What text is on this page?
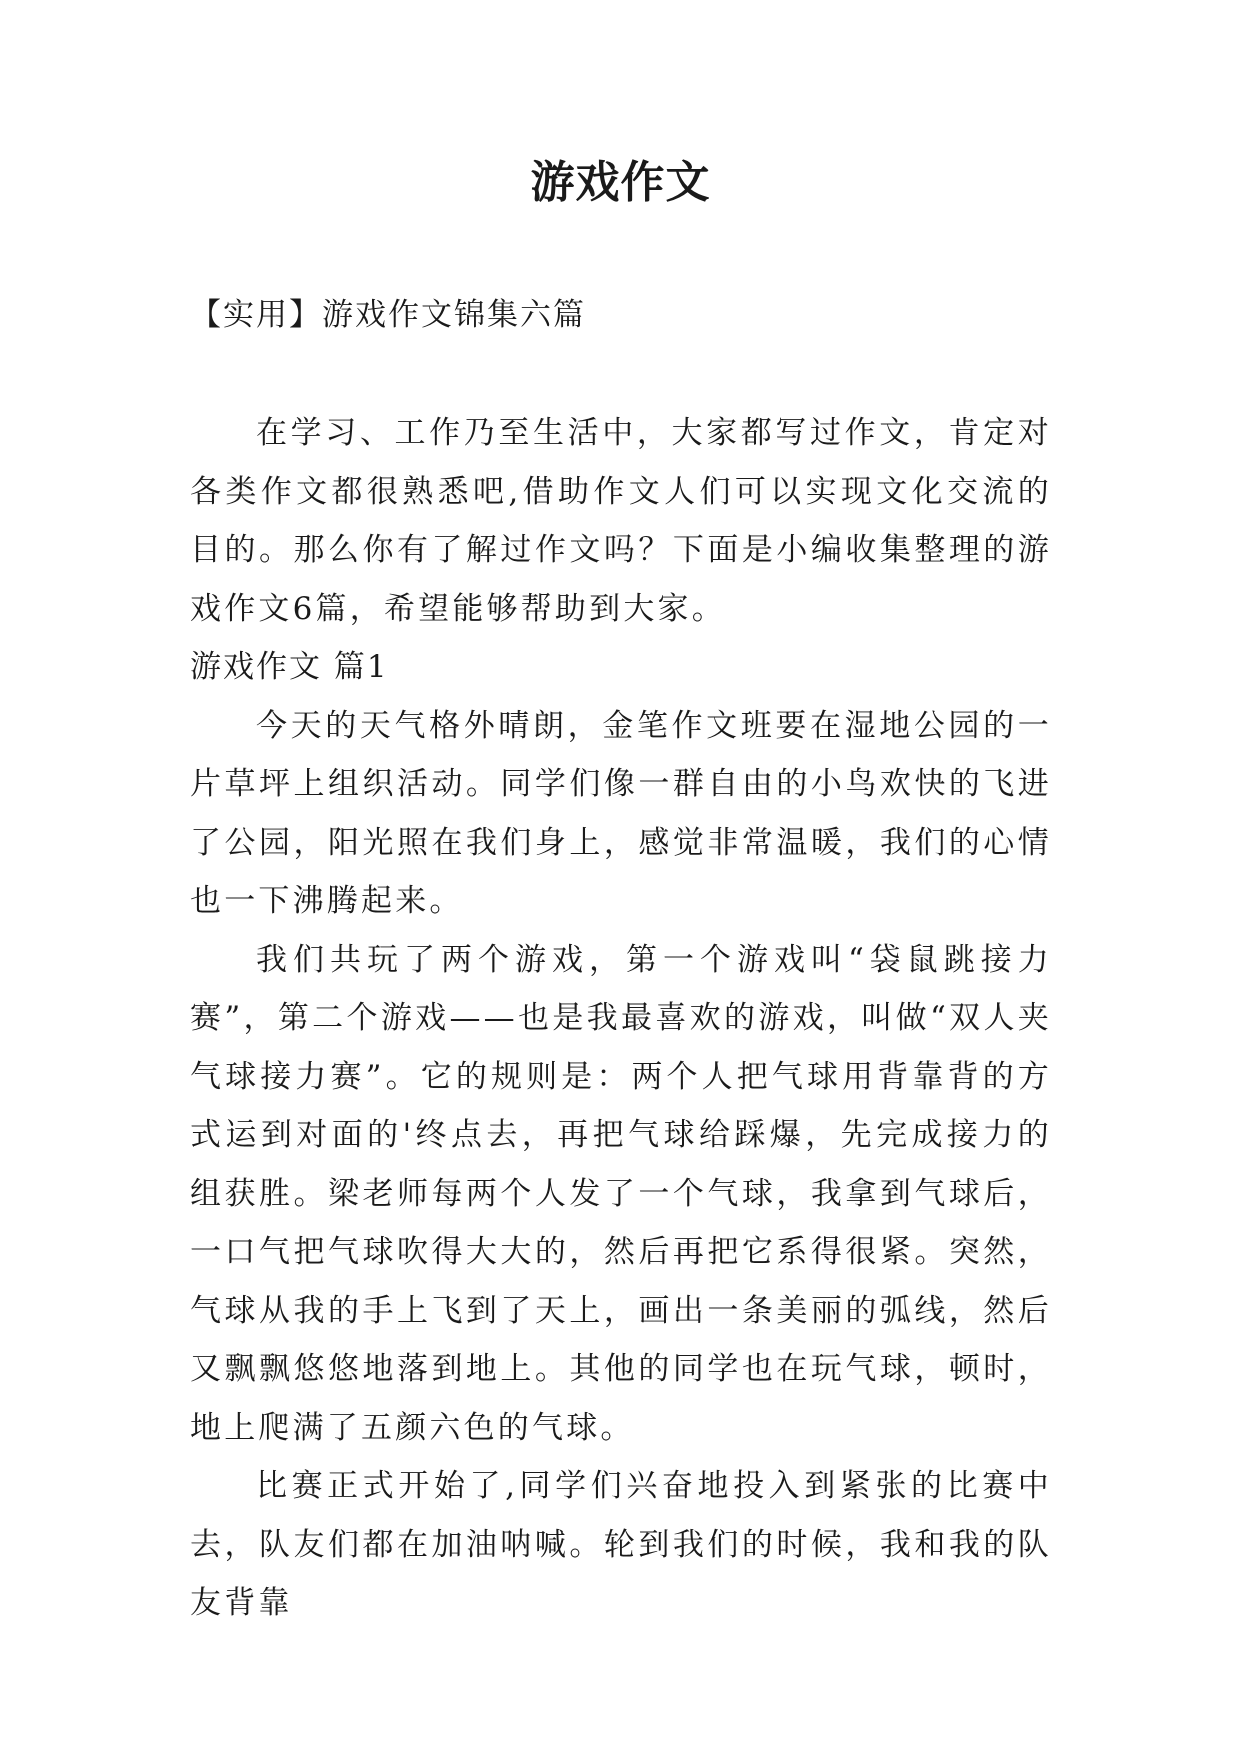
游戏作文

【实用】游戏作文锦集六篇

在学习、工作乃至生活中，大家都写过作文，肯定对各类作文都很熟悉吧,借助作文人们可以实现文化交流的目的。那么你有了解过作文吗？下面是小编收集整理的游戏作文6篇，希望能够帮助到大家。

游戏作文 篇1

今天的天气格外晴朗，金笔作文班要在湿地公园的一片草坪上组织活动。同学们像一群自由的小鸟欢快的飞进了公园，阳光照在我们身上，感觉非常温暖，我们的心情也一下沸腾起来。

我们共玩了两个游戏，第一个游戏叫“袋鼠跳接力赛”，第二个游戏——也是我最喜欢的游戏，叫做“双人夹气球接力赛”。它的规则是：两个人把气球用背靠背的方式运到对面的'终点去，再把气球给踩爆，先完成接力的组获胜。梁老师每两个人发了一个气球，我拿到气球后，一口气把气球吹得大大的，然后再把它系得很紧。突然，气球从我的手上飞到了天上，画出一条美丽的弧线，然后又飘飘悠悠地落到地上。其他的同学也在玩气球，顿时，地上爬满了五颜六色的气球。

比赛正式开始了,同学们兴奋地投入到紧张的比赛中去，队友们都在加油呐喊。轮到我们的时候，我和我的队友背靠
